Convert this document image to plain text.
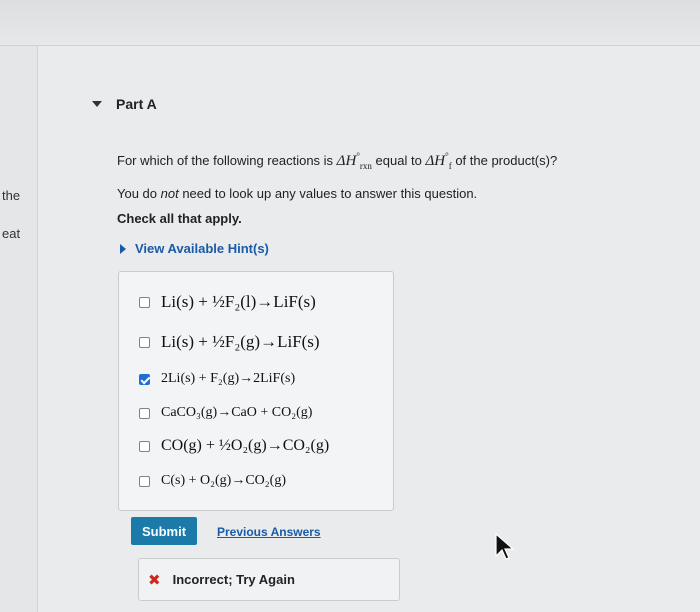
the
eat
Part A
For which of the following reactions is $\Delta H^\circ_{rxn}$ equal to $\Delta H^\circ_f$ of the product(s)?
You do not need to look up any values to answer this question.
Check all that apply.
View Available Hint(s)
Li(s) + ½F₂(l)→LiF(s)
Li(s) + ½F₂(g)→LiF(s)
2Li(s) + F₂(g)→2LiF(s)
CaCO₃(g)→CaO + CO₂(g)
CO(g) + ½O₂(g)→CO₂(g)
C(s) + O₂(g)→CO₂(g)
Submit	Previous Answers
✖ Incorrect; Try Again
